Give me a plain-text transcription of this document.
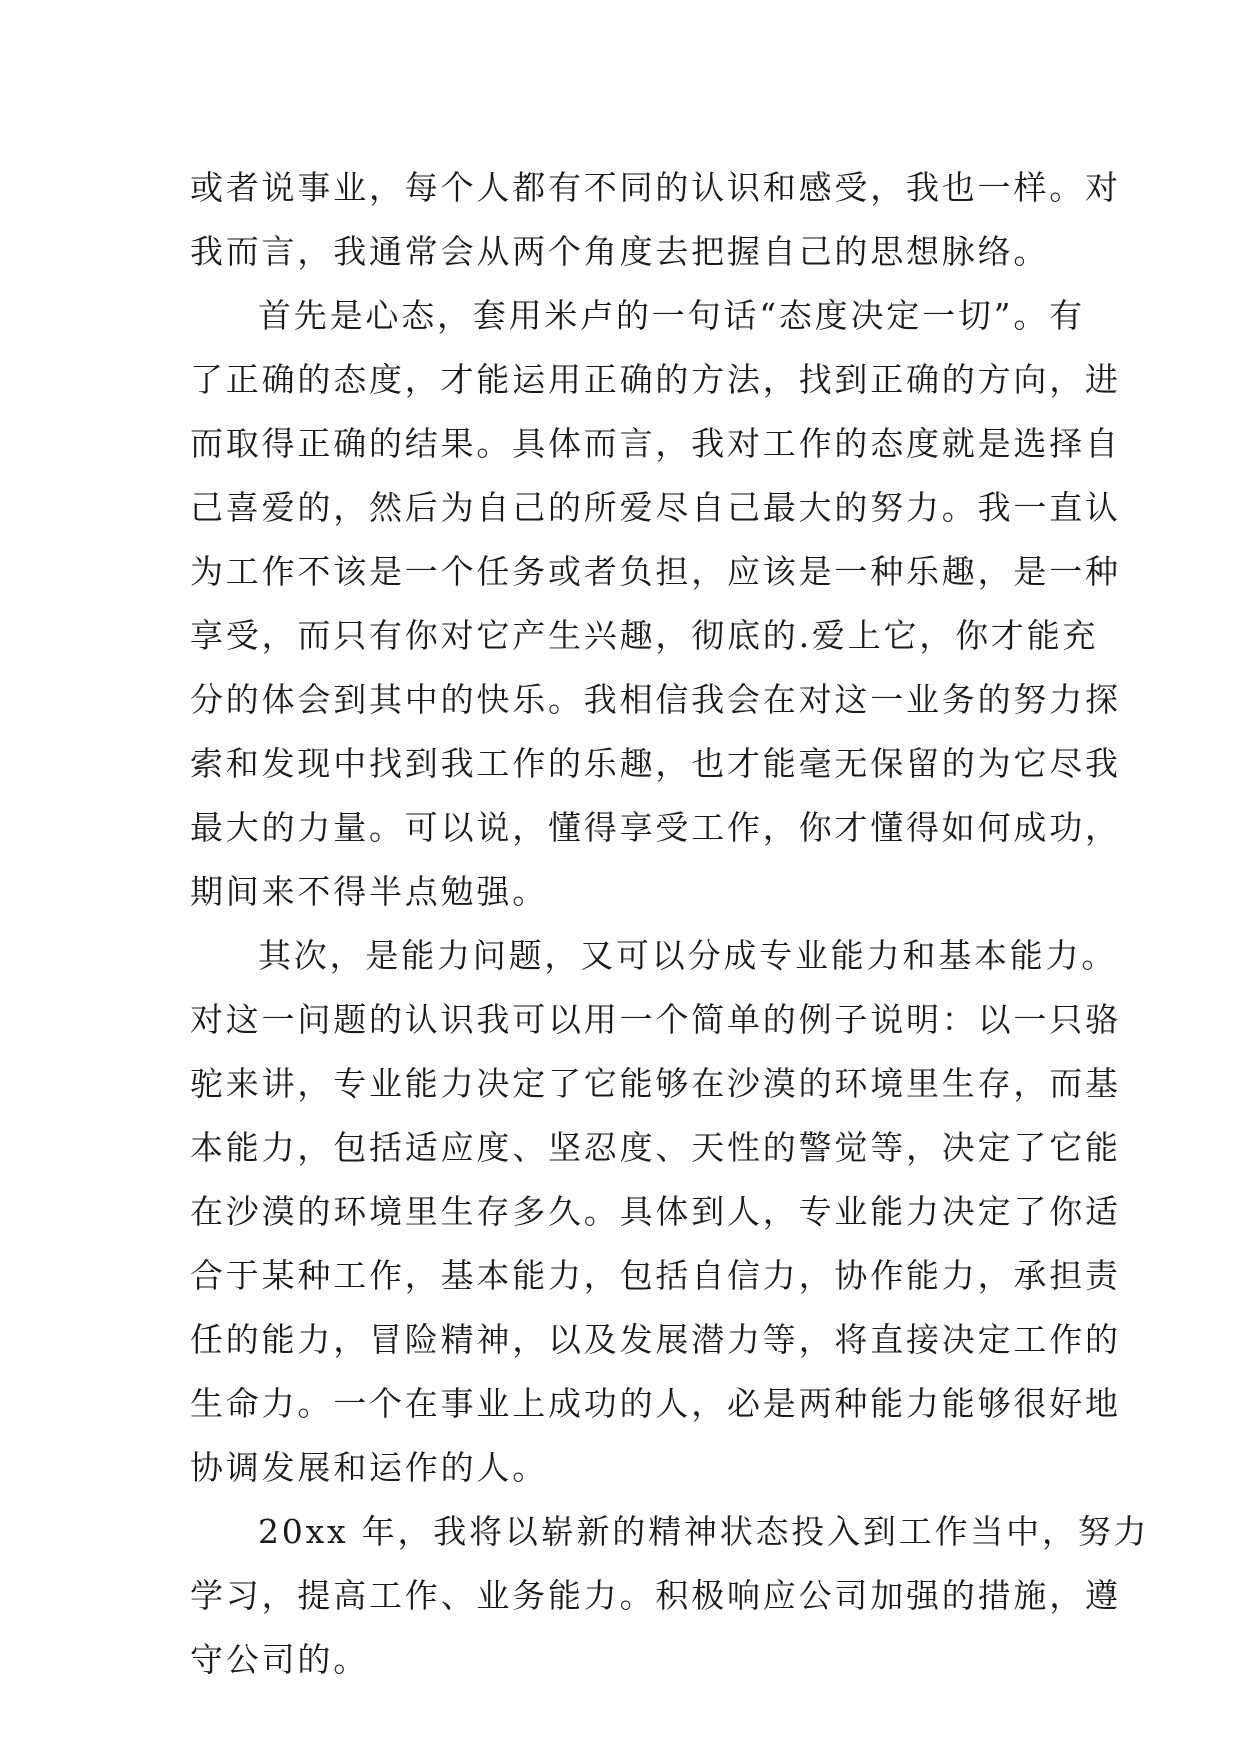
或者说事业，每个人都有不同的认识和感受，我也一样。对
我而言，我通常会从两个角度去把握自己的思想脉络。
首先是心态，套用米卢的一句话“态度决定一切”。有
了正确的态度，才能运用正确的方法，找到正确的方向，进
而取得正确的结果。具体而言，我对工作的态度就是选择自
己喜爱的，然后为自己的所爱尽自己最大的努力。我一直认
为工作不该是一个任务或者负担，应该是一种乐趣，是一种
享受，而只有你对它产生兴趣，彻底的.爱上它，你才能充
分的体会到其中的快乐。我相信我会在对这一业务的努力探
索和发现中找到我工作的乐趣，也才能毫无保留的为它尽我
最大的力量。可以说，懂得享受工作，你才懂得如何成功，
期间来不得半点勉强。
其次，是能力问题，又可以分成专业能力和基本能力。
对这一问题的认识我可以用一个简单的例子说明：以一只骆
驼来讲，专业能力决定了它能够在沙漠的环境里生存，而基
本能力，包括适应度、坚忍度、天性的警觉等，决定了它能
在沙漠的环境里生存多久。具体到人，专业能力决定了你适
合于某种工作，基本能力，包括自信力，协作能力，承担责
任的能力，冒险精神，以及发展潜力等，将直接决定工作的
生命力。一个在事业上成功的人，必是两种能力能够很好地
协调发展和运作的人。
20xx 年，我将以崭新的精神状态投入到工作当中，努力
学习，提高工作、业务能力。积极响应公司加强的措施，遵
守公司的。
